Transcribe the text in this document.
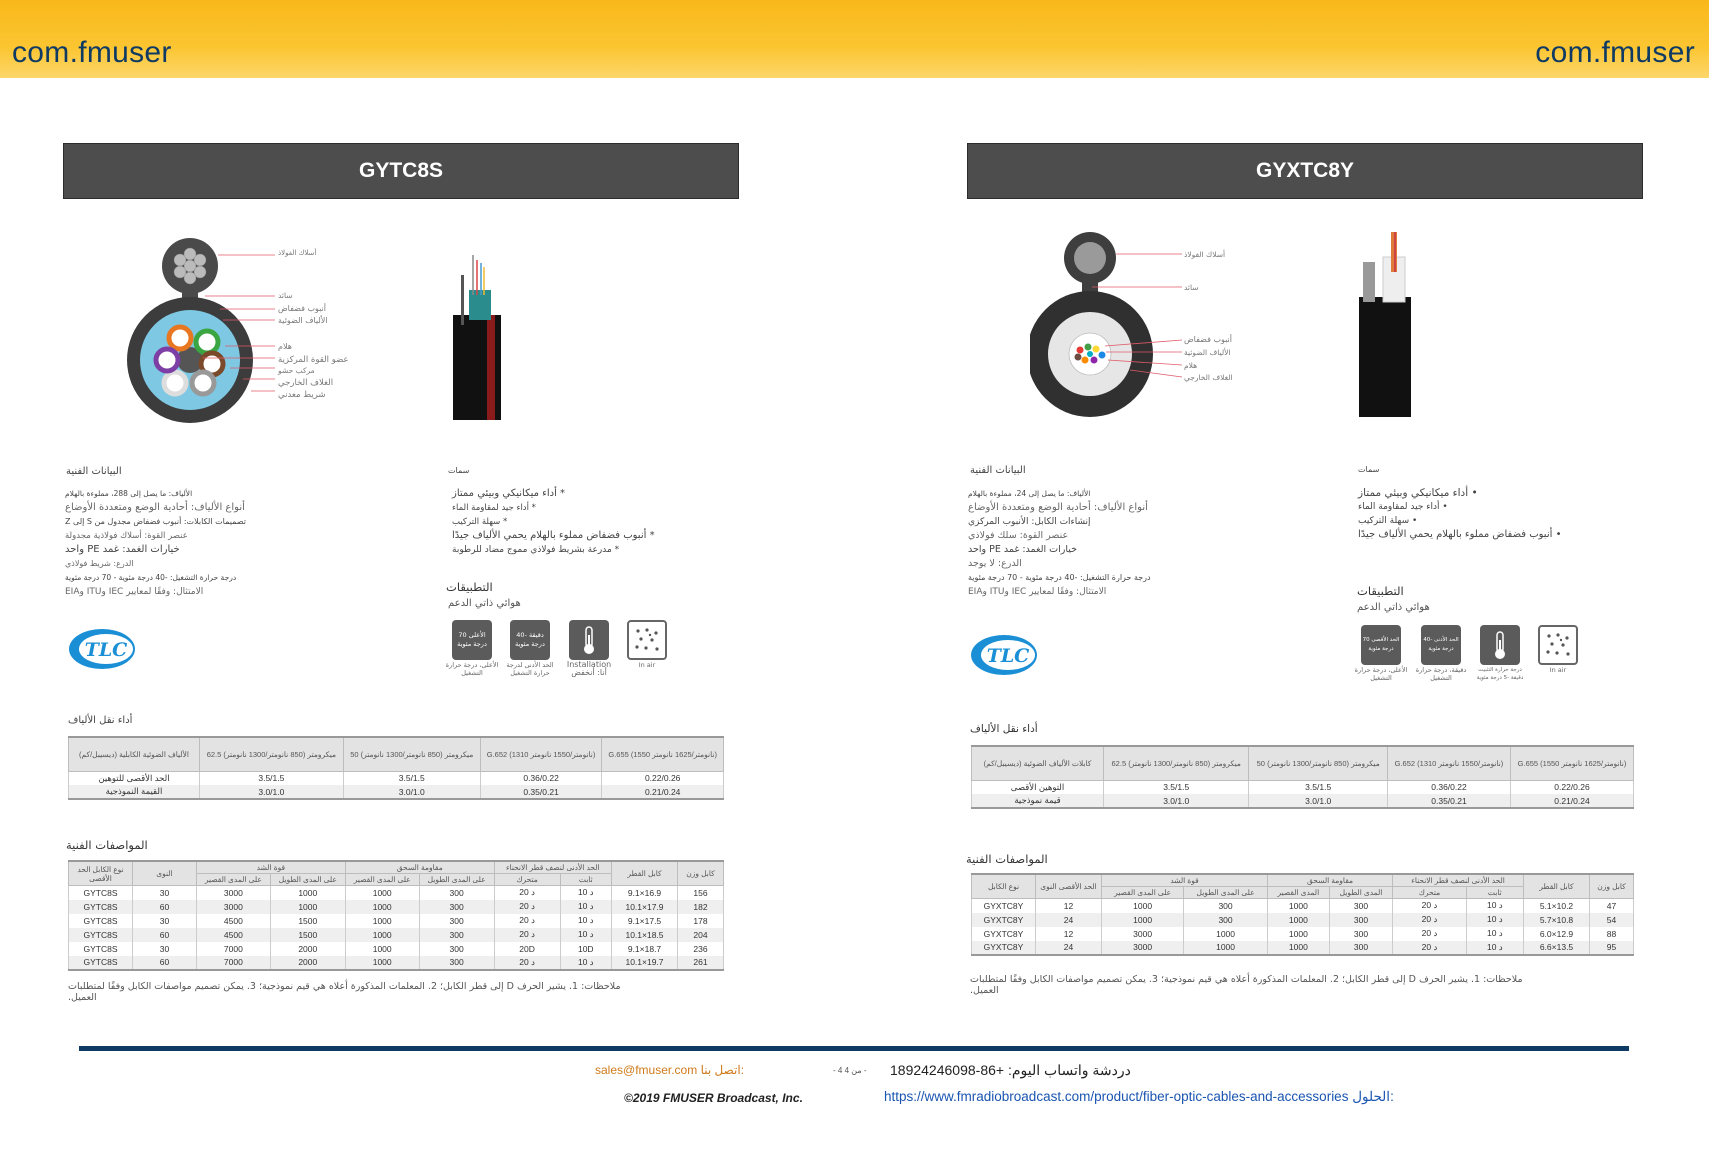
com.fmuser	com.fmuser
GYTC8S
أسلاك الفولاذ
سائد
أنبوب فضفاض
الألياف الضوئية
هلام
عضو القوة المركزية
مركب حشو
الغلاف الخارجي
شريط معدني
البيانات الفنية
الألياف: ما يصل إلى 288، مملوءة بالهلام
أنواع الألياف: أحادية الوضع ومتعددة الأوضاع
تصميمات الكابلات: أنبوب فضفاض مجدول من S إلى Z
عنصر القوة: أسلاك فولاذية مجدولة
خيارات الغمد: غمد PE واحد
الدرع: شريط فولاذي
درجة حرارة التشغيل: -40 درجة مئوية - 70 درجة مئوية
الامتثال: وفقًا لمعايير IEC وITU وEIA
سمات
* أداء ميكانيكي وبيئي ممتاز
* أداء جيد لمقاومة الماء
* سهلة التركيب
* أنبوب فضفاض مملوء بالهلام يحمي الألياف جيدًا
* مدرعة بشريط فولاذي مموج مضاد للرطوبة
التطبيقات
هوائي ذاتي الدعم
الأعلى 70 درجة مئوية
دقيقة -40 درجة مئوية
الأعلى، درجة حرارة التشغيل
الحد الأدنى لدرجة حرارة التشغيل
Installation أنا: أنخفض
In air
TLC
أداء نقل الألياف
الألياف الضوئية الكابلية (ديسيبل/كم)	62.5 ميكرومتر (850 نانومتر/1300 نانومتر)	50 ميكرومتر (850 نانومتر/1300 نانومتر)	G.652 (1310 نانومتر/1550 نانومتر)	G.655 (1550 نانومتر/1625 نانومتر)
الحد الأقصى للتوهين	3.5/1.5	3.5/1.5	0.36/0.22	0.22/0.26
القيمة النموذجية	3.0/1.0	3.0/1.0	0.35/0.21	0.21/0.24
المواصفات الفنية
نوع الكابل الحد الأقصى	النوى	قوة الشد		مقاومة السحق		الحد الأدنى لنصف قطر الانحناء		كابل القطر	كابل وزن
		على المدى القصير	على المدى الطويل	على المدى القصير	على المدى الطويل	متحرك	ثابت		
GYTC8S	30	3000	1000	1000	300	20 د	10 د	9.1×16.9	156
GYTC8S	60	3000	1000	1000	300	20 د	10 د	10.1×17.9	182
GYTC8S	30	4500	1500	1000	300	20 د	10 د	9.1×17.5	178
GYTC8S	60	4500	1500	1000	300	20 د	10 د	10.1×18.5	204
GYTC8S	30	7000	2000	1000	300	20D	10D	9.1×18.7	236
GYTC8S	60	7000	2000	1000	300	20 د	10 د	10.1×19.7	261
ملاحظات: 1. يشير الحرف D إلى قطر الكابل؛ 2. المعلمات المذكورة أعلاه هي قيم نموذجية؛ 3. يمكن تصميم مواصفات الكابل وفقًا لمتطلبات العميل.
GYXTC8Y
أسلاك الفولاذ
سائد
أنبوب فضفاض
الألياف الضوئية
هلام
الغلاف الخارجي
البيانات الفنية
الألياف: ما يصل إلى 24، مملوءة بالهلام
أنواع الألياف: أحادية الوضع ومتعددة الأوضاع
إنشاءات الكابل: الأنبوب المركزي
عنصر القوة: سلك فولاذي
خيارات الغمد: غمد PE واحد
الدرع: لا يوجد
درجة حرارة التشغيل: -40 درجة مئوية - 70 درجة مئوية
الامتثال: وفقًا لمعايير IEC وITU وEIA
سمات
• أداء ميكانيكي وبيئي ممتاز
• أداء جيد لمقاومة الماء
• سهلة التركيب
• أنبوب فضفاض مملوء بالهلام يحمي الألياف جيدًا
التطبيقات
هوائي ذاتي الدعم
الحد الأقصى 70 درجة مئوية
الحد الأدنى -40 درجة مئوية
الأعلى، درجة حرارة التشغيل
دقيقة، درجة حرارة التشغيل
درجة حرارة التثبيت دقيقة -5 درجة مئوية
In air
TLC
أداء نقل الألياف
كابلات الألياف الضوئية (ديسيبل/كم)	62.5 ميكرومتر (850 نانومتر/1300 نانومتر)	50 ميكرومتر (850 نانومتر/1300 نانومتر)	G.652 (1310 نانومتر/1550 نانومتر)	G.655 (1550 نانومتر/1625 نانومتر)
التوهين الأقصى	3.5/1.5	3.5/1.5	0.36/0.22	0.22/0.26
قيمة نموذجية	3.0/1.0	3.0/1.0	0.35/0.21	0.21/0.24
المواصفات الفنية
نوع الكابل	الحد الأقصى النوى	قوة الشد		مقاومة السحق		الحد الأدنى لنصف قطر الانحناء		كابل القطر	كابل وزن
		على المدى القصير	على المدى الطويل	المدى القصير	المدى الطويل	متحرك	ثابت		
GYXTC8Y	12	1000	300	1000	300	20 د	10 د	5.1×10.2	47
GYXTC8Y	24	1000	300	1000	300	20 د	10 د	5.7×10.8	54
GYXTC8Y	12	3000	1000	1000	300	20 د	10 د	6.0×12.9	88
GYXTC8Y	24	3000	1000	1000	300	20 د	10 د	6.6×13.5	95
ملاحظات: 1. يشير الحرف D إلى قطر الكابل؛ 2. المعلمات المذكورة أعلاه هي قيم نموذجية؛ 3. يمكن تصميم مواصفات الكابل وفقًا لمتطلبات العميل.
sales@fmuser.com اتصل بنا:	- 4 من 4 - دردشة واتساب اليوم: +86-18924246098
©2019 FMUSER Broadcast, Inc.	https://www.fmradiobroadcast.com/product/fiber-optic-cables-and-accessories الحلول:
